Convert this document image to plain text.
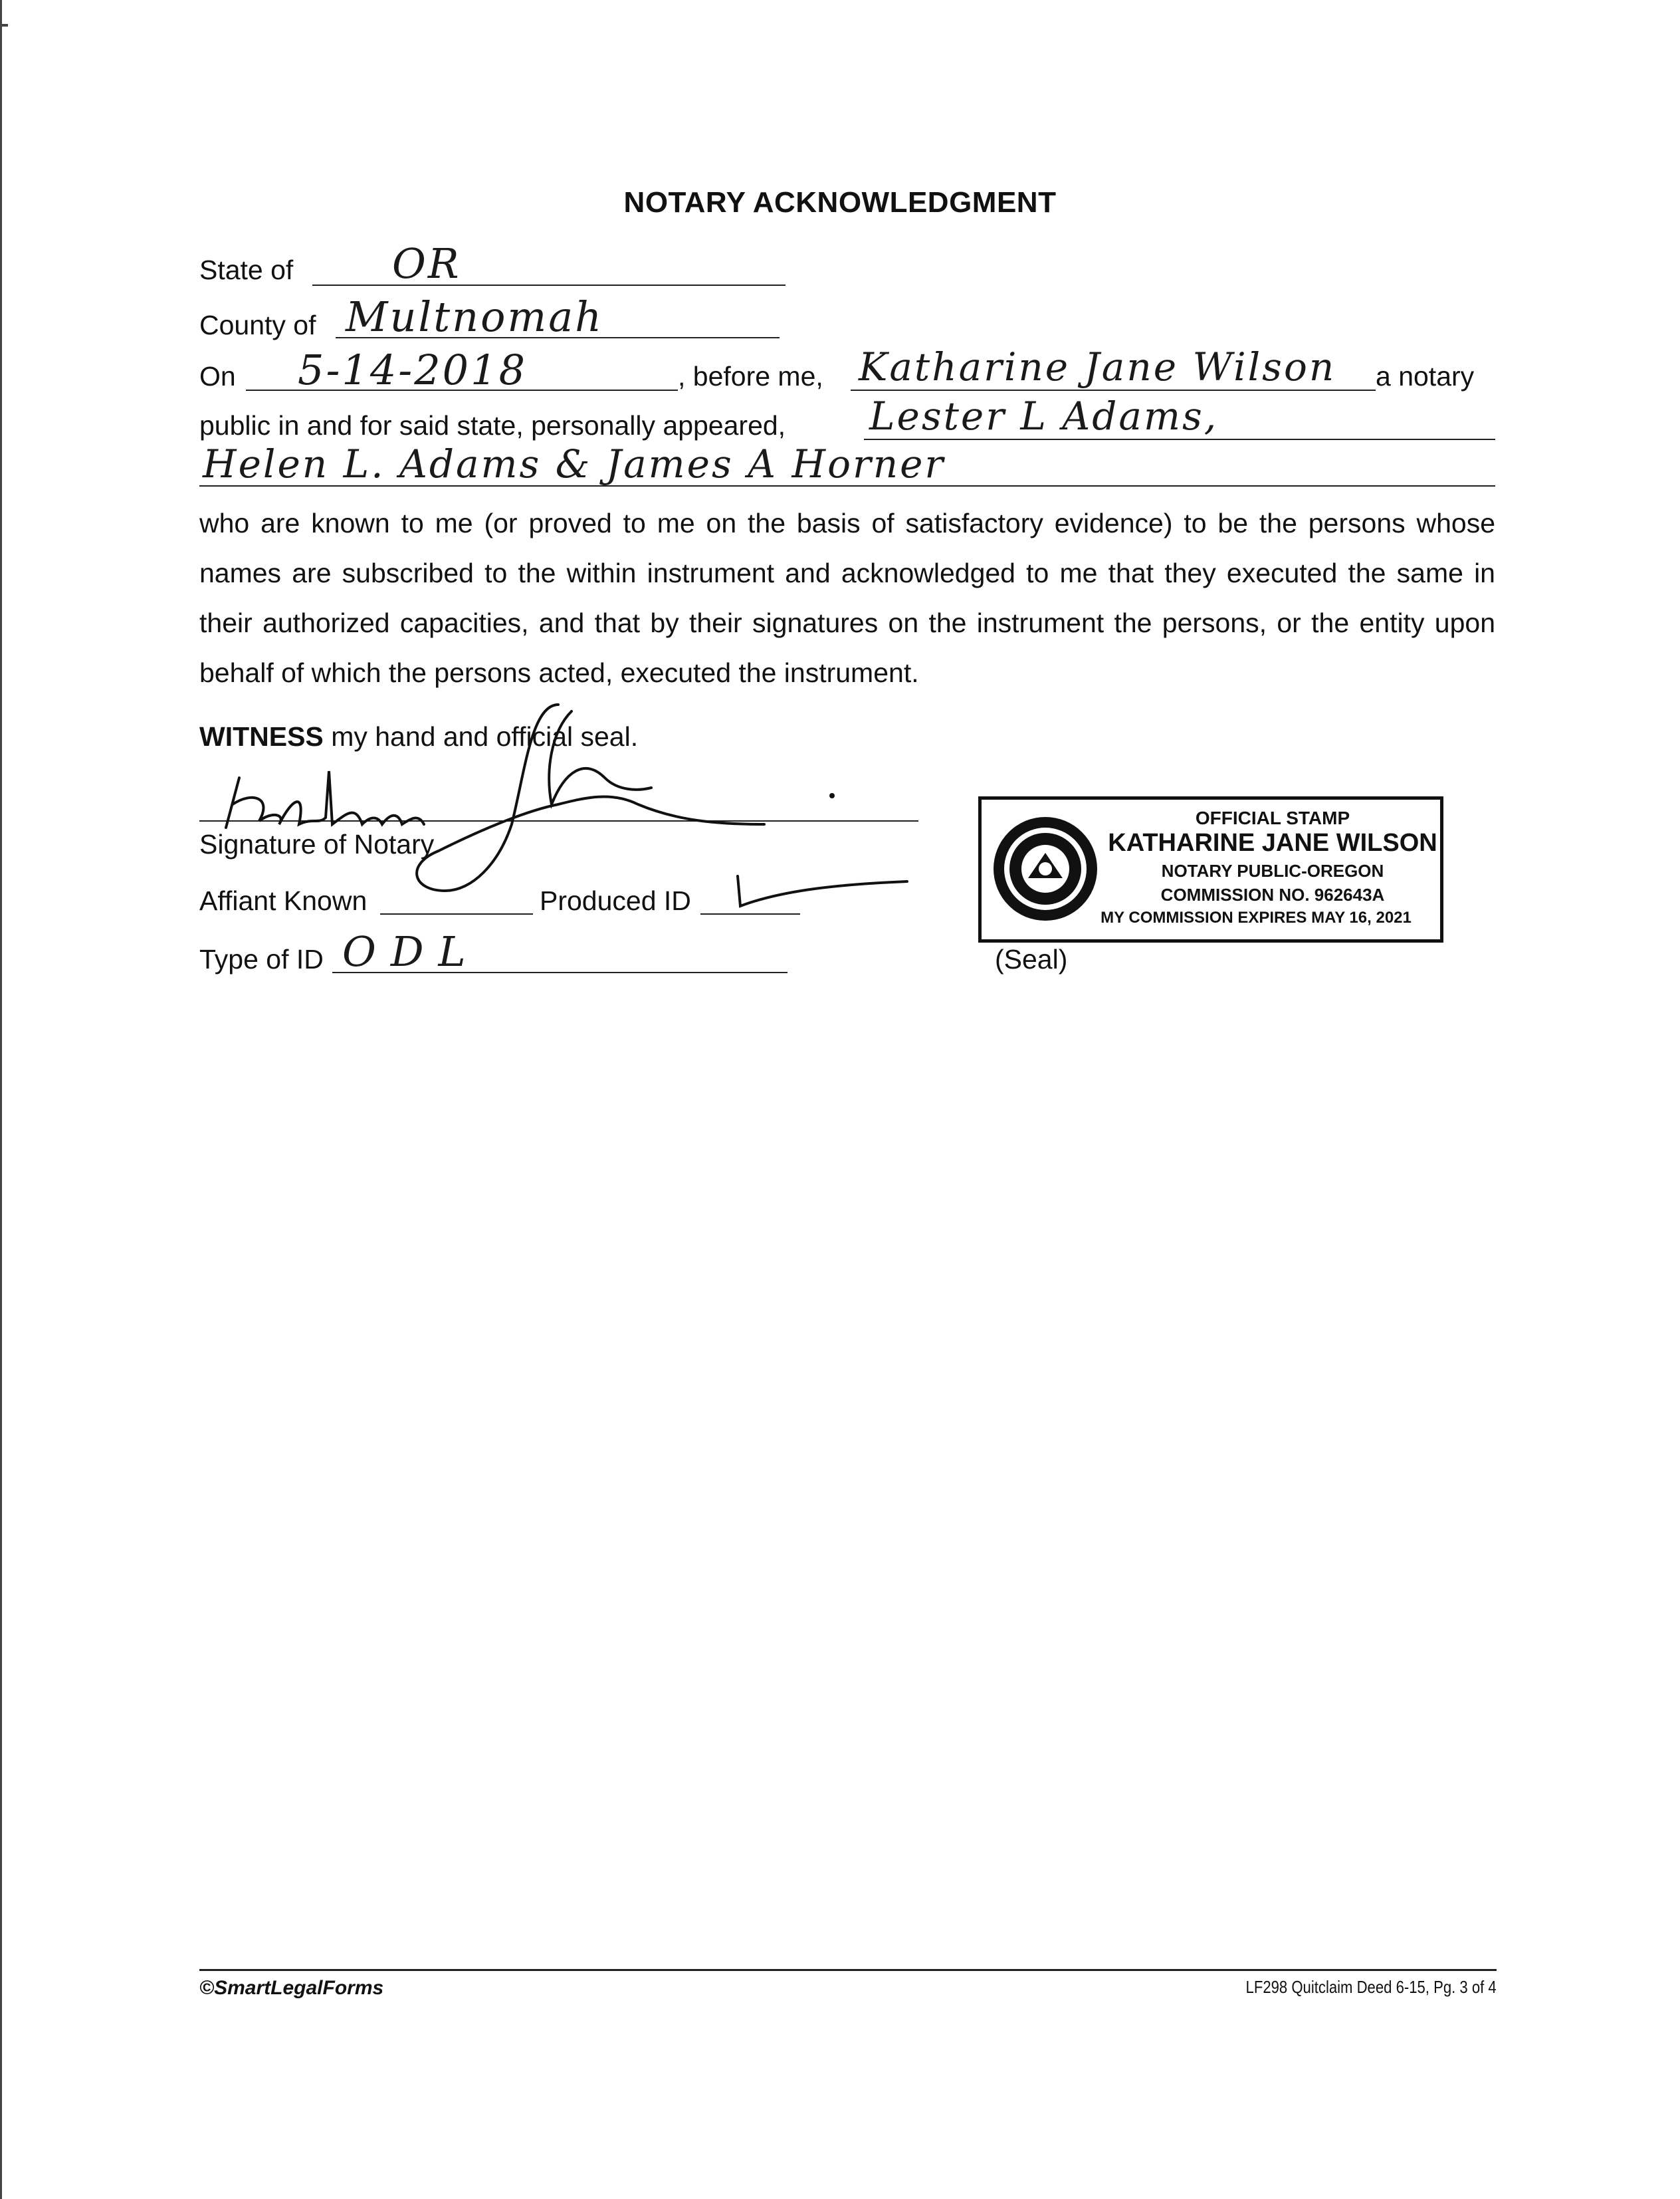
NOTARY ACKNOWLEDGMENT
State of OR
County of Multnomah
On 5-14-2018	, before me, Katharine Jane Wilson a notary
public in and for said state, personally appeared, Lester L Adams,
Helen L. Adams & James A Horner
who are known to me (or proved to me on the basis of satisfactory evidence) to be the persons whose names are subscribed to the within instrument and acknowledged to me that they executed the same in their authorized capacities, and that by their signatures on the instrument the persons, or the entity upon behalf of which the persons acted, executed the instrument.
WITNESS my hand and official seal.
Signature of Notary
Affiant Known	Produced ID
Type of ID ODL
OFFICIAL STAMP
KATHARINE JANE WILSON
NOTARY PUBLIC-OREGON
COMMISSION NO. 962643A
MY COMMISSION EXPIRES MAY 16, 2021
(Seal)
©SmartLegalForms	LF298 Quitclaim Deed 6-15, Pg. 3 of 4
